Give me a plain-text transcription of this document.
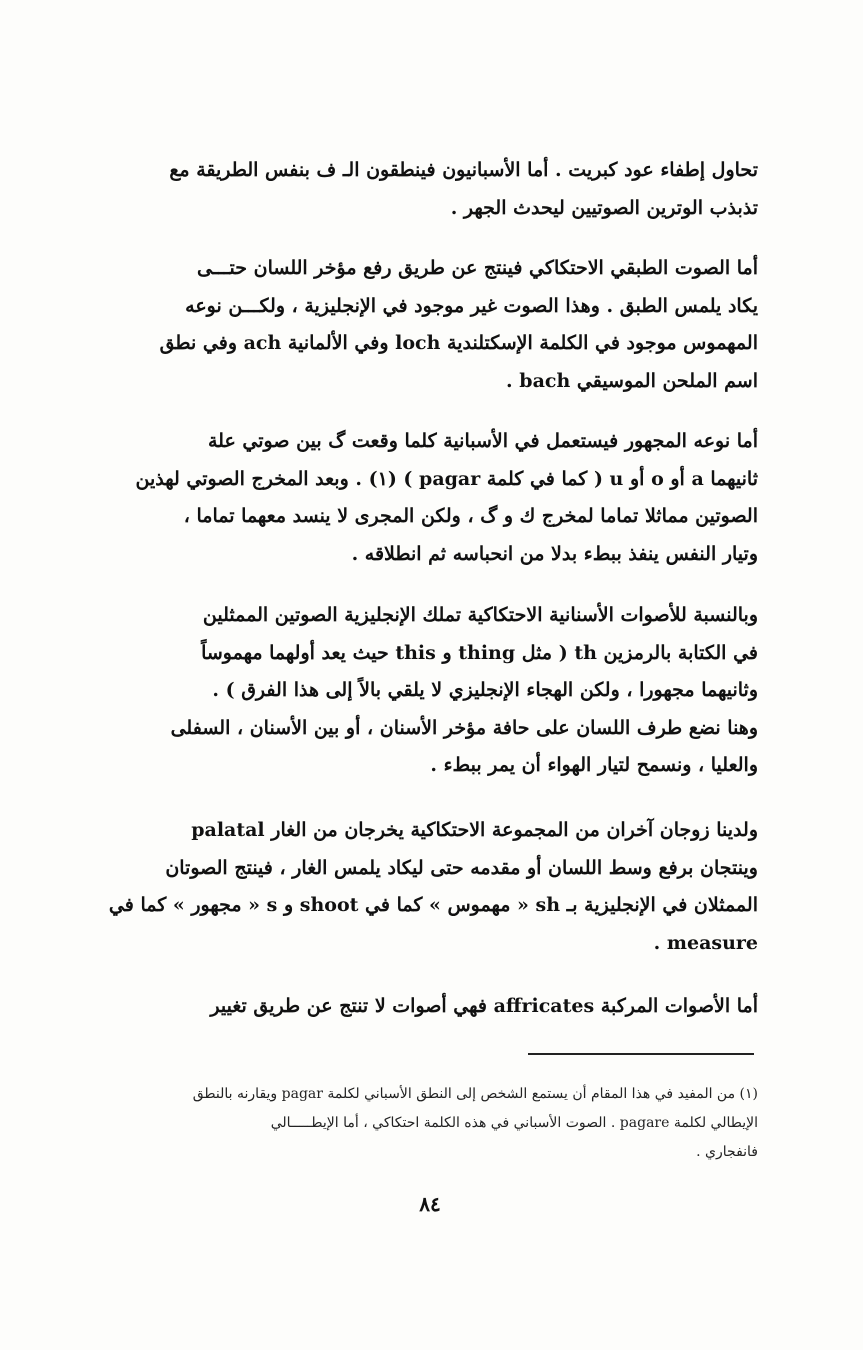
تحاول إطفاء عود كبريت . أما الأسبانيون فينطقون الـ ف بنفس الطريقة مع
تذبذب الوترين الصوتيين ليحدث الجهر .

أما الصوت الطبقي الاحتكاكي فينتج عن طريق رفع مؤخر اللسان حتـــى
يكاد يلمس الطبق . وهذا الصوت غير موجود في الإنجليزية ، ولكـــن نوعه
المهموس موجود في الكلمة الإسكتلندية loch وفي الألمانية ach وفي نطق
اسم الملحن الموسيقي bach .

أما نوعه المجهور فيستعمل في الأسبانية كلما وقعت گ بين صوتي علة
ثانيهما a أو o أو u ( كما في كلمة pagar ) (١) . وبعد المخرج الصوتي لهذين
الصوتين مماثلا تماما لمخرج ك و گ ، ولكن المجرى لا ينسد معهما تماما ،
وتيار النفس ينفذ ببطء بدلا من انحباسه ثم انطلاقه .

وبالنسبة للأصوات الأسنانية الاحتكاكية تملك الإنجليزية الصوتين الممثلين
في الكتابة بالرمزين th ( مثل thing و this حيث يعد أولهما مهموساً
وثانيهما مجهورا ، ولكن الهجاء الإنجليزي لا يلقي بالاً إلى هذا الفرق ) .
وهنا نضع طرف اللسان على حافة مؤخر الأسنان ، أو بين الأسنان ، السفلى
والعليا ، ونسمح لتيار الهواء أن يمر ببطء .

ولدينا زوجان آخران من المجموعة الاحتكاكية يخرجان من الغار palatal
وينتجان برفع وسط اللسان أو مقدمه حتى ليكاد يلمس الغار ، فينتج الصوتان
الممثلان في الإنجليزية بـ sh « مهموس » كما في shoot و s « مجهور » كما في
measure .

أما الأصوات المركبة affricates فهي أصوات لا تنتج عن طريق تغيير

(١) من المفيد في هذا المقام أن يستمع الشخص إلى النطق الأسباني لكلمة pagar ويقارنه بالنطق
الإيطالي لكلمة pagare . الصوت الأسباني في هذه الكلمة احتكاكي ، أما الإيطـــــالي
فانفجاري .
٨٤
